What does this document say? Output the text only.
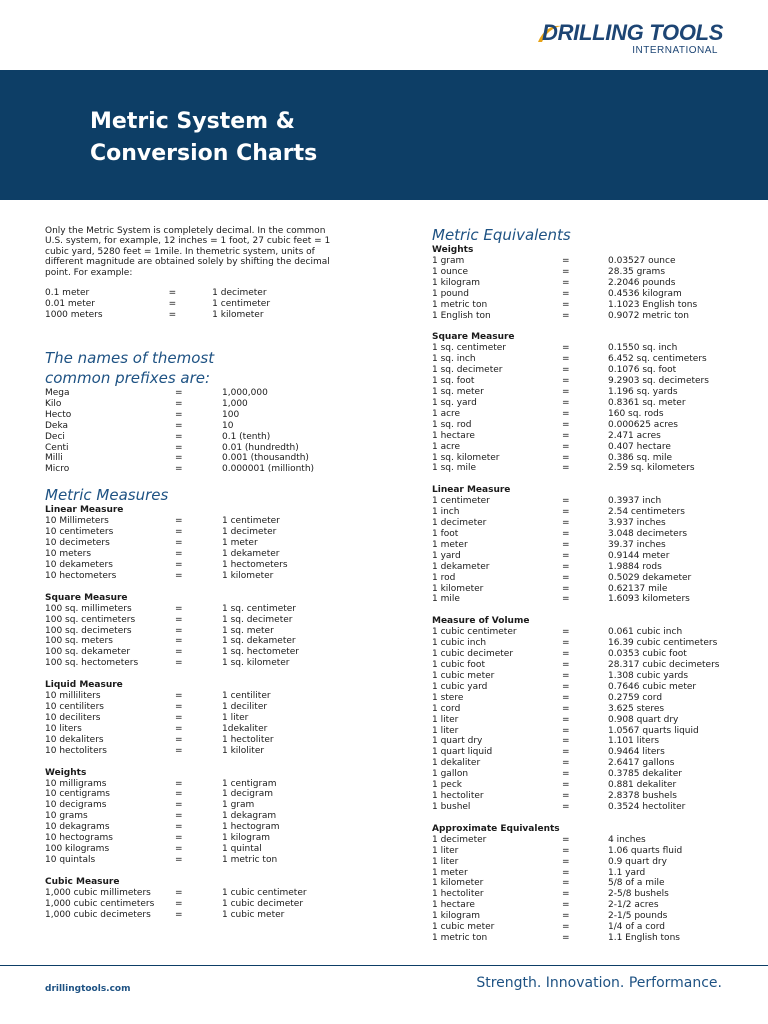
DRILLING TOOLS
INTERNATIONAL
Metric System &
Conversion Charts
Only the Metric System is completely decimal. In the common U.S. system, for example, 12 inches = 1 foot, 27 cubic feet = 1 cubic yard, 5280 feet = 1mile. In themetric system, units of different magnitude are obtained solely by shifting the decimal point. For example:
0.1 meter	=	1 decimeter
0.01 meter	=	1 centimeter
1000 meters	=	1 kilometer
The names of themost
common prefixes are:
Mega	=	1,000,000
Kilo	=	1,000
Hecto	=	100
Deka	=	10
Deci	=	0.1 (tenth)
Centi	=	0.01 (hundredth)
Milli	=	0.001 (thousandth)
Micro	=	0.000001 (millionth)
Metric Measures
Linear Measure
10 Millimeters	=	1 centimeter
10 centimeters	=	1 decimeter
10 decimeters	=	1 meter
10 meters	=	1 dekameter
10 dekameters	=	1 hectometers
10 hectometers	=	1 kilometer
Square Measure
100 sq. millimeters	=	1 sq. centimeter
100 sq. centimeters	=	1 sq. decimeter
100 sq. decimeters	=	1 sq. meter
100 sq. meters	=	1 sq. dekameter
100 sq. dekameter	=	1 sq. hectometer
100 sq. hectometers	=	1 sq. kilometer
Liquid Measure
10 milliliters	=	1 centiliter
10 centiliters	=	1 deciliter
10 deciliters	=	1 liter
10 liters	=	1dekaliter
10 dekaliters	=	1 hectoliter
10 hectoliters	=	1 kiloliter
Weights
10 milligrams	=	1 centigram
10 centigrams	=	1 decigram
10 decigrams	=	1 gram
10 grams	=	1 dekagram
10 dekagrams	=	1 hectogram
10 hectograms	=	1 kilogram
100 kilograms	=	1 quintal
10 quintals	=	1 metric ton
Cubic Measure
1,000 cubic millimeters	=	1 cubic centimeter
1,000 cubic centimeters	=	1 cubic decimeter
1,000 cubic decimeters	=	1 cubic meter
Metric Equivalents
Weights
1 gram	=	0.03527 ounce
1 ounce	=	28.35 grams
1 kilogram	=	2.2046 pounds
1 pound	=	0.4536 kilogram
1 metric ton	=	1.1023 English tons
1 English ton	=	0.9072 metric ton
Square Measure
1 sq. centimeter	=	0.1550 sq. inch
1 sq. inch	=	6.452 sq. centimeters
1 sq. decimeter	=	0.1076 sq. foot
1 sq. foot	=	9.2903 sq. decimeters
1 sq. meter	=	1.196 sq. yards
1 sq. yard	=	0.8361 sq. meter
1 acre	=	160 sq. rods
1 sq. rod	=	0.000625 acres
1 hectare	=	2.471 acres
1 acre	=	0.407 hectare
1 sq. kilometer	=	0.386 sq. mile
1 sq. mile	=	2.59 sq. kilometers
Linear Measure
1 centimeter	=	0.3937 inch
1 inch	=	2.54 centimeters
1 decimeter	=	3.937 inches
1 foot	=	3.048 decimeters
1 meter	=	39.37 inches
1 yard	=	0.9144 meter
1 dekameter	=	1.9884 rods
1 rod	=	0.5029 dekameter
1 kilometer	=	0.62137 mile
1 mile	=	1.6093 kilometers
Measure of Volume
1 cubic centimeter	=	0.061 cubic inch
1 cubic inch	=	16.39 cubic centimeters
1 cubic decimeter	=	0.0353 cubic foot
1 cubic foot	=	28.317 cubic decimeters
1 cubic meter	=	1.308 cubic yards
1 cubic yard	=	0.7646 cubic meter
1 stere	=	0.2759 cord
1 cord	=	3.625 steres
1 liter	=	0.908 quart dry
1 liter	=	1.0567 quarts liquid
1 quart dry	=	1.101 liters
1 quart liquid	=	0.9464 liters
1 dekaliter	=	2.6417 gallons
1 gallon	=	0.3785 dekaliter
1 peck	=	0.881 dekaliter
1 hectoliter	=	2.8378 bushels
1 bushel	=	0.3524 hectoliter
Approximate Equivalents
1 decimeter	=	4 inches
1 liter	=	1.06 quarts fluid
1 liter	=	0.9 quart dry
1 meter	=	1.1 yard
1 kilometer	=	5/8 of a mile
1 hectoliter	=	2-5/8 bushels
1 hectare	=	2-1/2 acres
1 kilogram	=	2-1/5 pounds
1 cubic meter	=	1/4 of a cord
1 metric ton	=	1.1 English tons
drillingtools.com	Strength. Innovation. Performance.
